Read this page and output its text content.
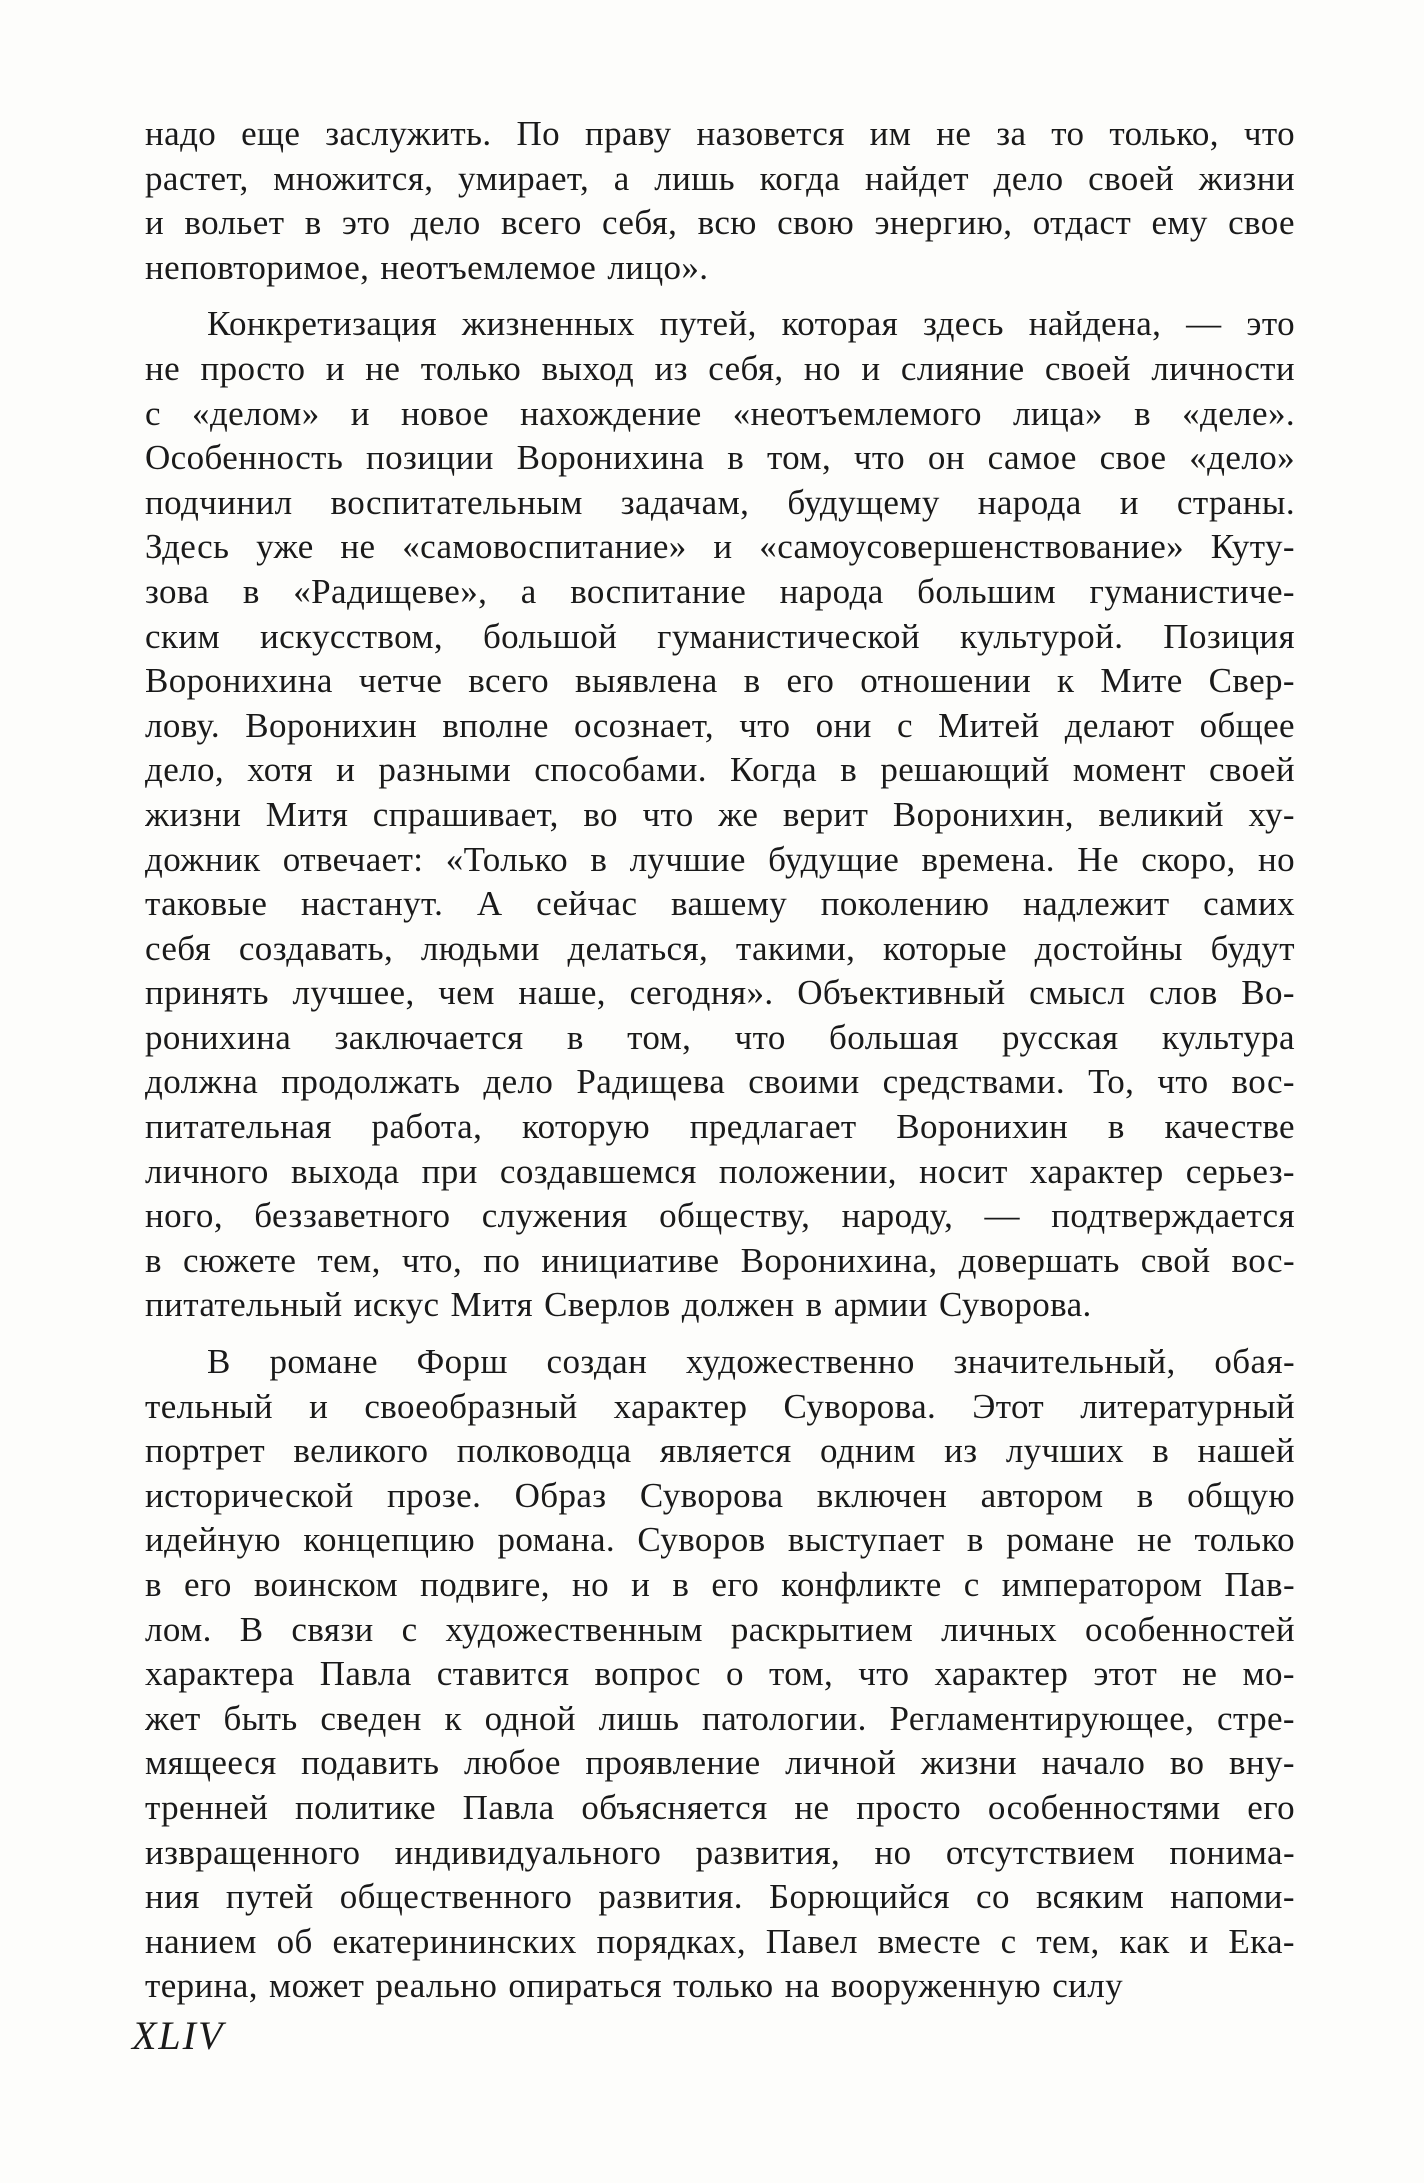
надо еще заслужить. По праву назовется им не за то только, что
растет, множится, умирает, а лишь когда найдет дело своей жизни
и вольет в это дело всего себя, всю свою энергию, отдаст ему свое
неповторимое, неотъемлемое лицо».
Конкретизация жизненных путей, которая здесь найдена, — это
не просто и не только выход из себя, но и слияние своей личности
с «делом» и новое нахождение «неотъемлемого лица» в «деле».
Особенность позиции Воронихина в том, что он самое свое «дело»
подчинил воспитательным задачам, будущему народа и страны.
Здесь уже не «самовоспитание» и «самоусовершенствование» Куту-
зова в «Радищеве», а воспитание народа большим гуманистиче-
ским искусством, большой гуманистической культурой. Позиция
Воронихина четче всего выявлена в его отношении к Мите Свер-
лову. Воронихин вполне осознает, что они с Митей делают общее
дело, хотя и разными способами. Когда в решающий момент своей
жизни Митя спрашивает, во что же верит Воронихин, великий ху-
дожник отвечает: «Только в лучшие будущие времена. Не скоро, но
таковые настанут. А сейчас вашему поколению надлежит самих
себя создавать, людьми делаться, такими, которые достойны будут
принять лучшее, чем наше, сегодня». Объективный смысл слов Во-
ронихина заключается в том, что большая русская культура
должна продолжать дело Радищева своими средствами. То, что вос-
питательная работа, которую предлагает Воронихин в качестве
личного выхода при создавшемся положении, носит характер серьез-
ного, беззаветного служения обществу, народу, — подтверждается
в сюжете тем, что, по инициативе Воронихина, довершать свой вос-
питательный искус Митя Сверлов должен в армии Суворова.
В романе Форш создан художественно значительный, обая-
тельный и своеобразный характер Суворова. Этот литературный
портрет великого полководца является одним из лучших в нашей
исторической прозе. Образ Суворова включен автором в общую
идейную концепцию романа. Суворов выступает в романе не только
в его воинском подвиге, но и в его конфликте с императором Пав-
лом. В связи с художественным раскрытием личных особенностей
характера Павла ставится вопрос о том, что характер этот не мо-
жет быть сведен к одной лишь патологии. Регламентирующее, стре-
мящееся подавить любое проявление личной жизни начало во вну-
тренней политике Павла объясняется не просто особенностями его
извращенного индивидуального развития, но отсутствием понима-
ния путей общественного развития. Борющийся со всяким напоми-
нанием об екатерининских порядках, Павел вместе с тем, как и Ека-
терина, может реально опираться только на вооруженную силу
XLIV
